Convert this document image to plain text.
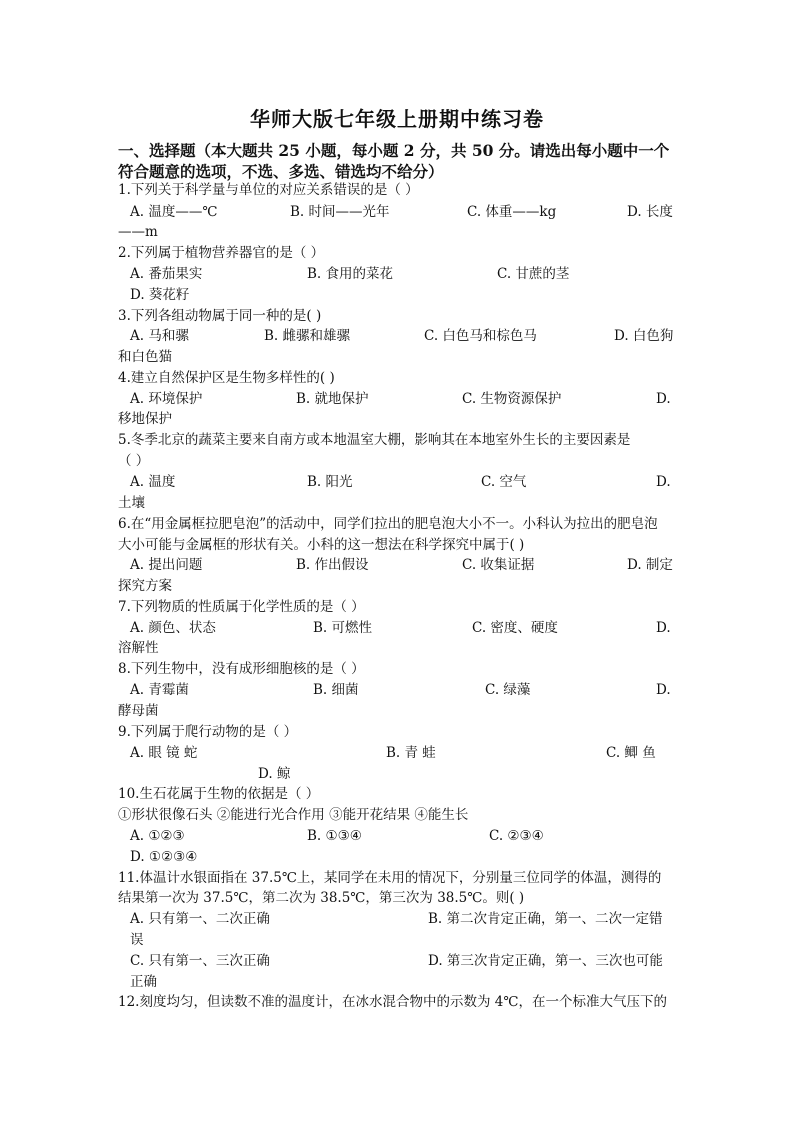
华师大版七年级上册期中练习卷
一、选择题（本大题共 25 小题，每小题 2 分，共 50 分。请选出每小题中一个
符合题意的选项，不选、多选、错选均不给分）
1.下列关于科学量与单位的对应关系错误的是（ ）
A. 温度——℃	B. 时间——光年	C. 体重——kg	D. 长度
——m
2.下列属于植物营养器官的是（ ）
A. 番茄果实	B. 食用的菜花	C. 甘蔗的茎
D. 葵花籽
3.下列各组动物属于同一种的是( )
A. 马和骡	B. 雌骡和雄骡	C. 白色马和棕色马	D. 白色狗
和白色猫
4.建立自然保护区是生物多样性的( )
A. 环境保护	B. 就地保护	C. 生物资源保护	D.
移地保护
5.冬季北京的蔬菜主要来自南方或本地温室大棚，影响其在本地室外生长的主要因素是
（ ）
A. 温度	B. 阳光	C. 空气	D.
土壤
6.在“用金属框拉肥皂泡”的活动中，同学们拉出的肥皂泡大小不一。小科认为拉出的肥皂泡
大小可能与金属框的形状有关。小科的这一想法在科学探究中属于( )
A. 提出问题	B. 作出假设	C. 收集证据	D. 制定
探究方案
7.下列物质的性质属于化学性质的是（ ）
A. 颜色、状态	B. 可燃性	C. 密度、硬度	D.
溶解性
8.下列生物中，没有成形细胞核的是（ ）
A. 青霉菌	B. 细菌	C. 绿藻	D.
酵母菌
9.下列属于爬行动物的是（ ）
A. 眼 镜 蛇	B. 青 蛙	C. 鲫 鱼
D. 鲸
10.生石花属于生物的依据是（ ）
①形状很像石头 ②能进行光合作用 ③能开花结果 ④能生长
A. ①②③	B. ①③④	C. ②③④
D. ①②③④
11.体温计水银面指在 37.5℃上，某同学在未用的情况下，分别量三位同学的体温，测得的
结果第一次为 37.5℃，第二次为 38.5℃，第三次为 38.5℃。则( )
A. 只有第一、二次正确	B. 第二次肯定正确，第一、二次一定错
误
C. 只有第一、三次正确	D. 第三次肯定正确，第一、三次也可能
正确
12.刻度均匀，但读数不准的温度计，在冰水混合物中的示数为 4℃，在一个标准大气压下的
